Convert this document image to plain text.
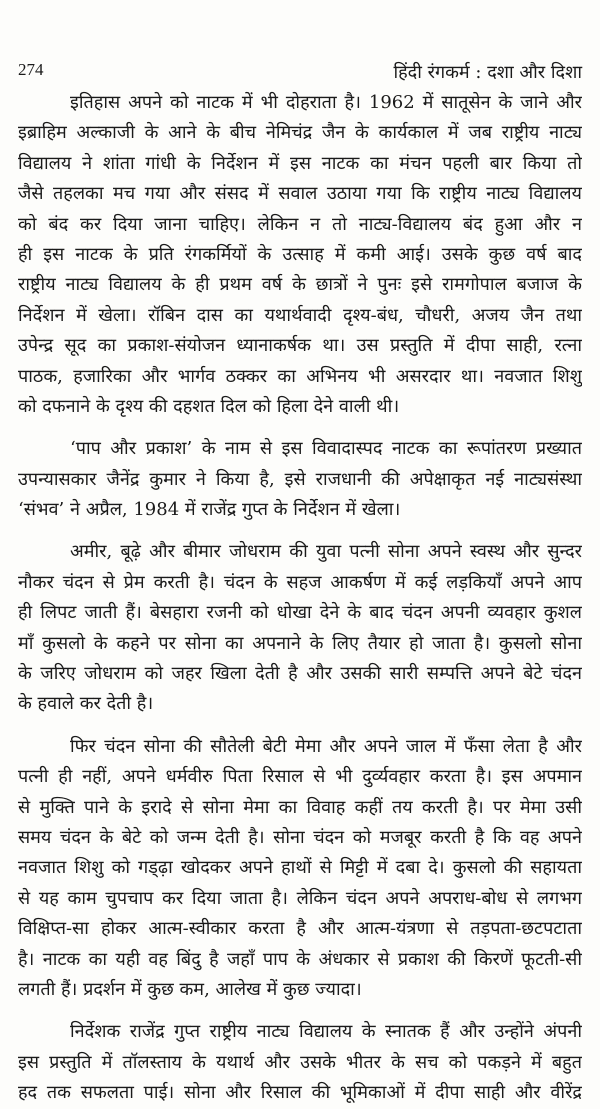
274	हिंदी रंगकर्म : दशा और दिशा
इतिहास अपने को नाटक में भी दोहराता है। 1962 में सातूसेन के जाने और
इब्राहिम अल्काजी के आने के बीच नेमिचंद्र जैन के कार्यकाल में जब राष्ट्रीय नाट्य
विद्यालय ने शांता गांधी के निर्देशन में इस नाटक का मंचन पहली बार किया तो
जैसे तहलका मच गया और संसद में सवाल उठाया गया कि राष्ट्रीय नाट्य विद्यालय
को बंद कर दिया जाना चाहिए। लेकिन न तो नाट्य-विद्यालय बंद हुआ और न
ही इस नाटक के प्रति रंगकर्मियों के उत्साह में कमी आई। उसके कुछ वर्ष बाद
राष्ट्रीय नाट्य विद्यालय के ही प्रथम वर्ष के छात्रों ने पुनः इसे रामगोपाल बजाज के
निर्देशन में खेला। रॉबिन दास का यथार्थवादी दृश्य-बंध, चौधरी, अजय जैन तथा
उपेन्द्र सूद का प्रकाश-संयोजन ध्यानाकर्षक था। उस प्रस्तुति में दीपा साही, रत्ना
पाठक, हजारिका और भार्गव ठक्कर का अभिनय भी असरदार था। नवजात शिशु
को दफनाने के दृश्य की दहशत दिल को हिला देने वाली थी।
‘पाप और प्रकाश’ के नाम से इस विवादास्पद नाटक का रूपांतरण प्रख्यात
उपन्यासकार जैनेंद्र कुमार ने किया है, इसे राजधानी की अपेक्षाकृत नई नाट्यसंस्था
‘संभव’ ने अप्रैल, 1984 में राजेंद्र गुप्त के निर्देशन में खेला।
अमीर, बूढ़े और बीमार जोधराम की युवा पत्नी सोना अपने स्वस्थ और सुन्दर
नौकर चंदन से प्रेम करती है। चंदन के सहज आकर्षण में कई लड़कियाँ अपने आप
ही लिपट जाती हैं। बेसहारा रजनी को धोखा देने के बाद चंदन अपनी व्यवहार कुशल
माँ कुसलो के कहने पर सोना का अपनाने के लिए तैयार हो जाता है। कुसलो सोना
के जरिए जोधराम को जहर खिला देती है और उसकी सारी सम्पत्ति अपने बेटे चंदन
के हवाले कर देती है।
फिर चंदन सोना की सौतेली बेटी मेमा और अपने जाल में फँसा लेता है और
पत्नी ही नहीं, अपने धर्मवीरु पिता रिसाल से भी दुर्व्यवहार करता है। इस अपमान
से मुक्ति पाने के इरादे से सोना मेमा का विवाह कहीं तय करती है। पर मेमा उसी
समय चंदन के बेटे को जन्म देती है। सोना चंदन को मजबूर करती है कि वह अपने
नवजात शिशु को गड्ढ़ा खोदकर अपने हाथों से मिट्टी में दबा दे। कुसलो की सहायता
से यह काम चुपचाप कर दिया जाता है। लेकिन चंदन अपने अपराध-बोध से लगभग
विक्षिप्त-सा होकर आत्म-स्वीकार करता है और आत्म-यंत्रणा से तड़पता-छटपटाता
है। नाटक का यही वह बिंदु है जहाँ पाप के अंधकार से प्रकाश की किरणें फूटती-सी
लगती हैं। प्रदर्शन में कुछ कम, आलेख में कुछ ज्यादा।
निर्देशक राजेंद्र गुप्त राष्ट्रीय नाट्य विद्यालय के स्नातक हैं और उन्होंने अंपनी
इस प्रस्तुति में तॉलस्ताय के यथार्थ और उसके भीतर के सच को पकड़ने में बहुत
हद तक सफलता पाई। सोना और रिसाल की भूमिकाओं में दीपा साही और वीरेंद्र
